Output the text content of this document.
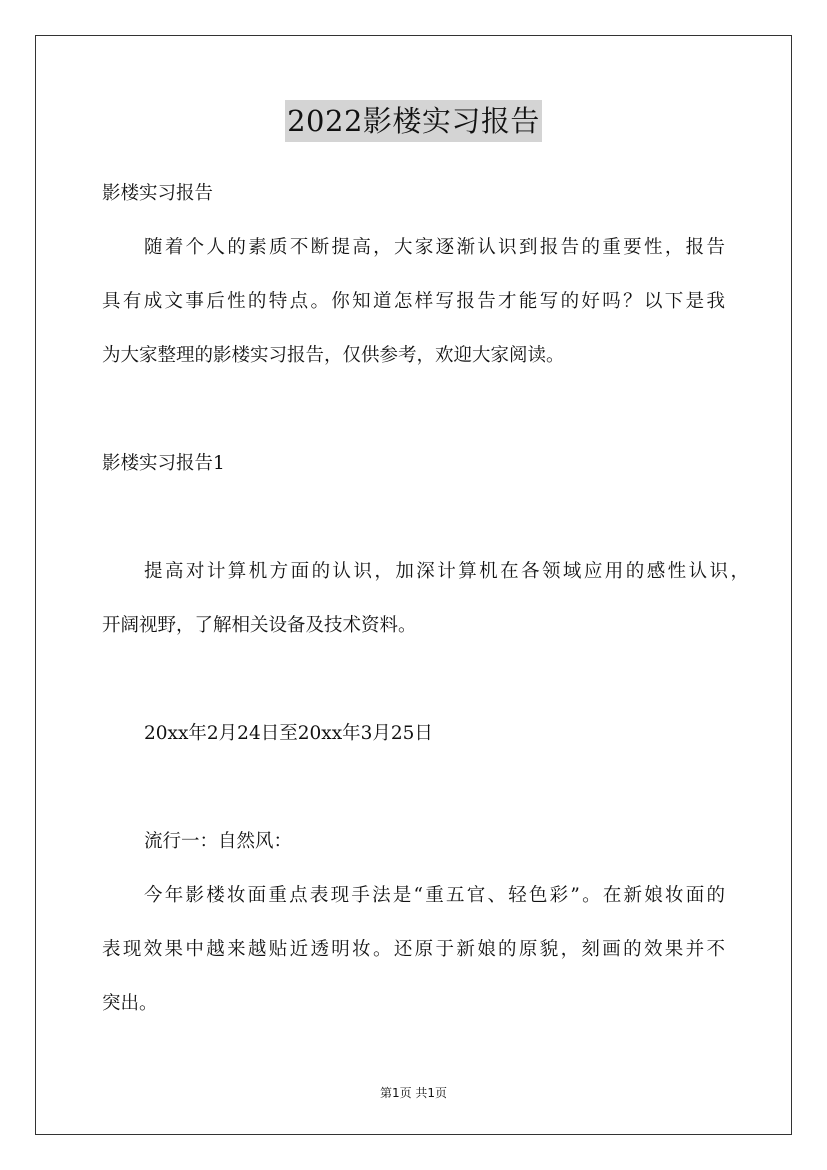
2022影楼实习报告
影楼实习报告
随着个人的素质不断提高，大家逐渐认识到报告的重要性，报告
具有成文事后性的特点。你知道怎样写报告才能写的好吗？以下是我
为大家整理的影楼实习报告，仅供参考，欢迎大家阅读。
影楼实习报告1
提高对计算机方面的认识，加深计算机在各领域应用的感性认识，
开阔视野，了解相关设备及技术资料。
20xx年2月24日至20xx年3月25日
流行一：自然风：
今年影楼妆面重点表现手法是“重五官、轻色彩”。在新娘妆面的
表现效果中越来越贴近透明妆。还原于新娘的原貌，刻画的效果并不
突出。
第1页 共1页
